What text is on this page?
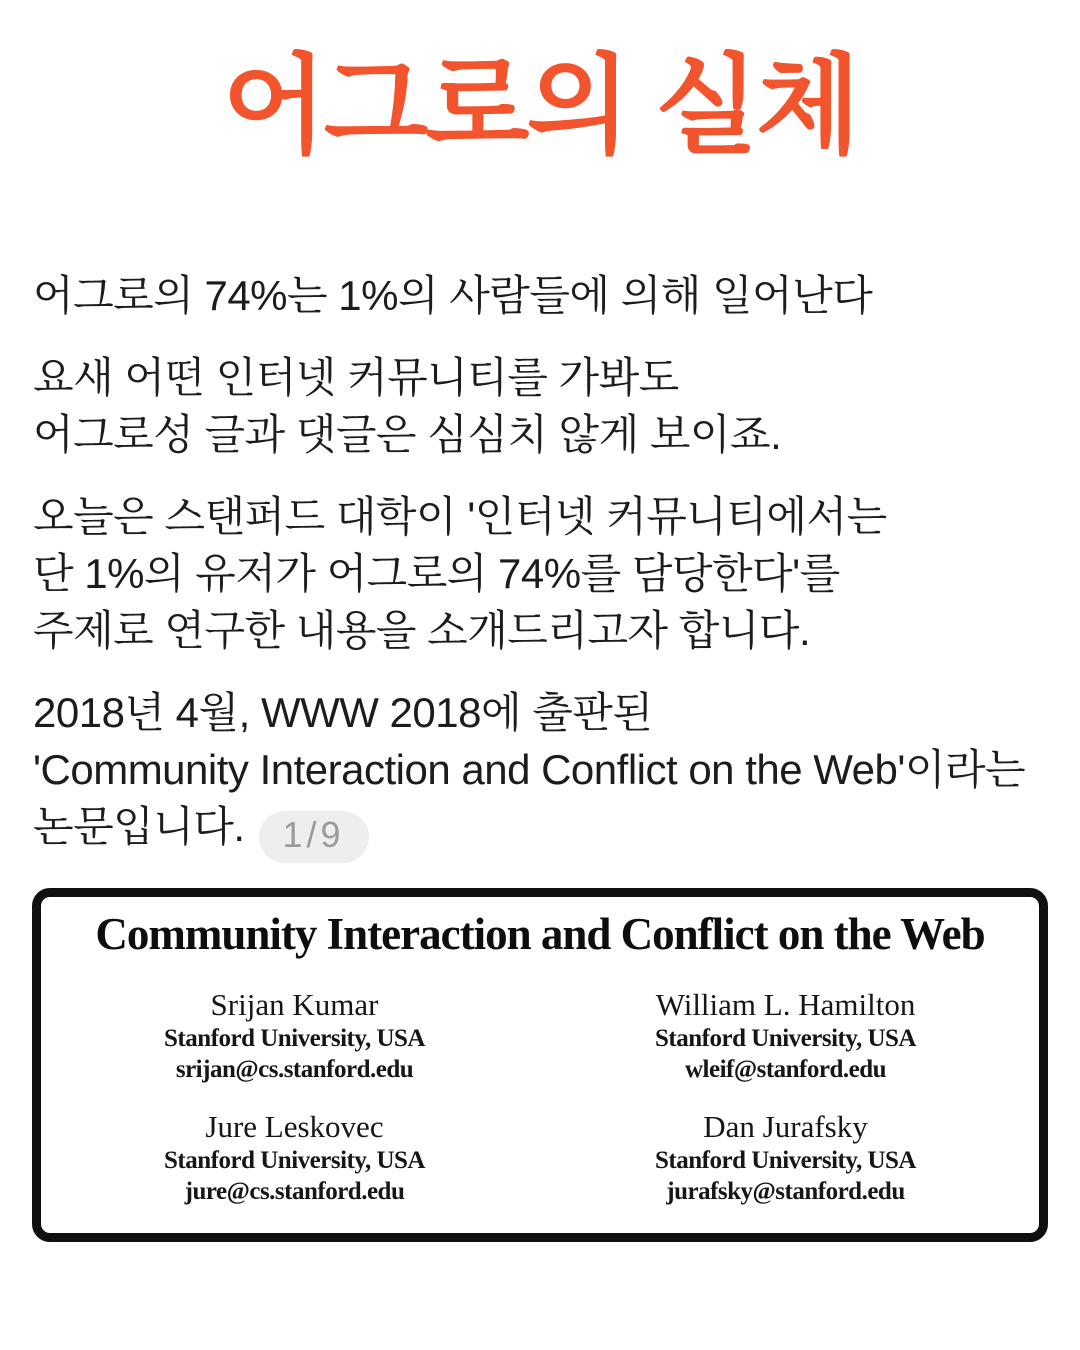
어그로의 실체

어그로의 74%는 1%의 사람들에 의해 일어난다

요새 어떤 인터넷 커뮤니티를 가봐도
어그로성 글과 댓글은 심심치 않게 보이죠.

오늘은 스탠퍼드 대학이 '인터넷 커뮤니티에서는
단 1%의 유저가 어그로의 74%를 담당한다'를
주제로 연구한 내용을 소개드리고자 합니다.

2018년 4월, WWW 2018에 출판된
'Community Interaction and Conflict on the Web'이라는
논문입니다. 1/9

Community Interaction and Conflict on the Web
Srijan Kumar
Stanford University, USA
srijan@cs.stanford.edu
William L. Hamilton
Stanford University, USA
wleif@stanford.edu
Jure Leskovec
Stanford University, USA
jure@cs.stanford.edu
Dan Jurafsky
Stanford University, USA
jurafsky@stanford.edu
